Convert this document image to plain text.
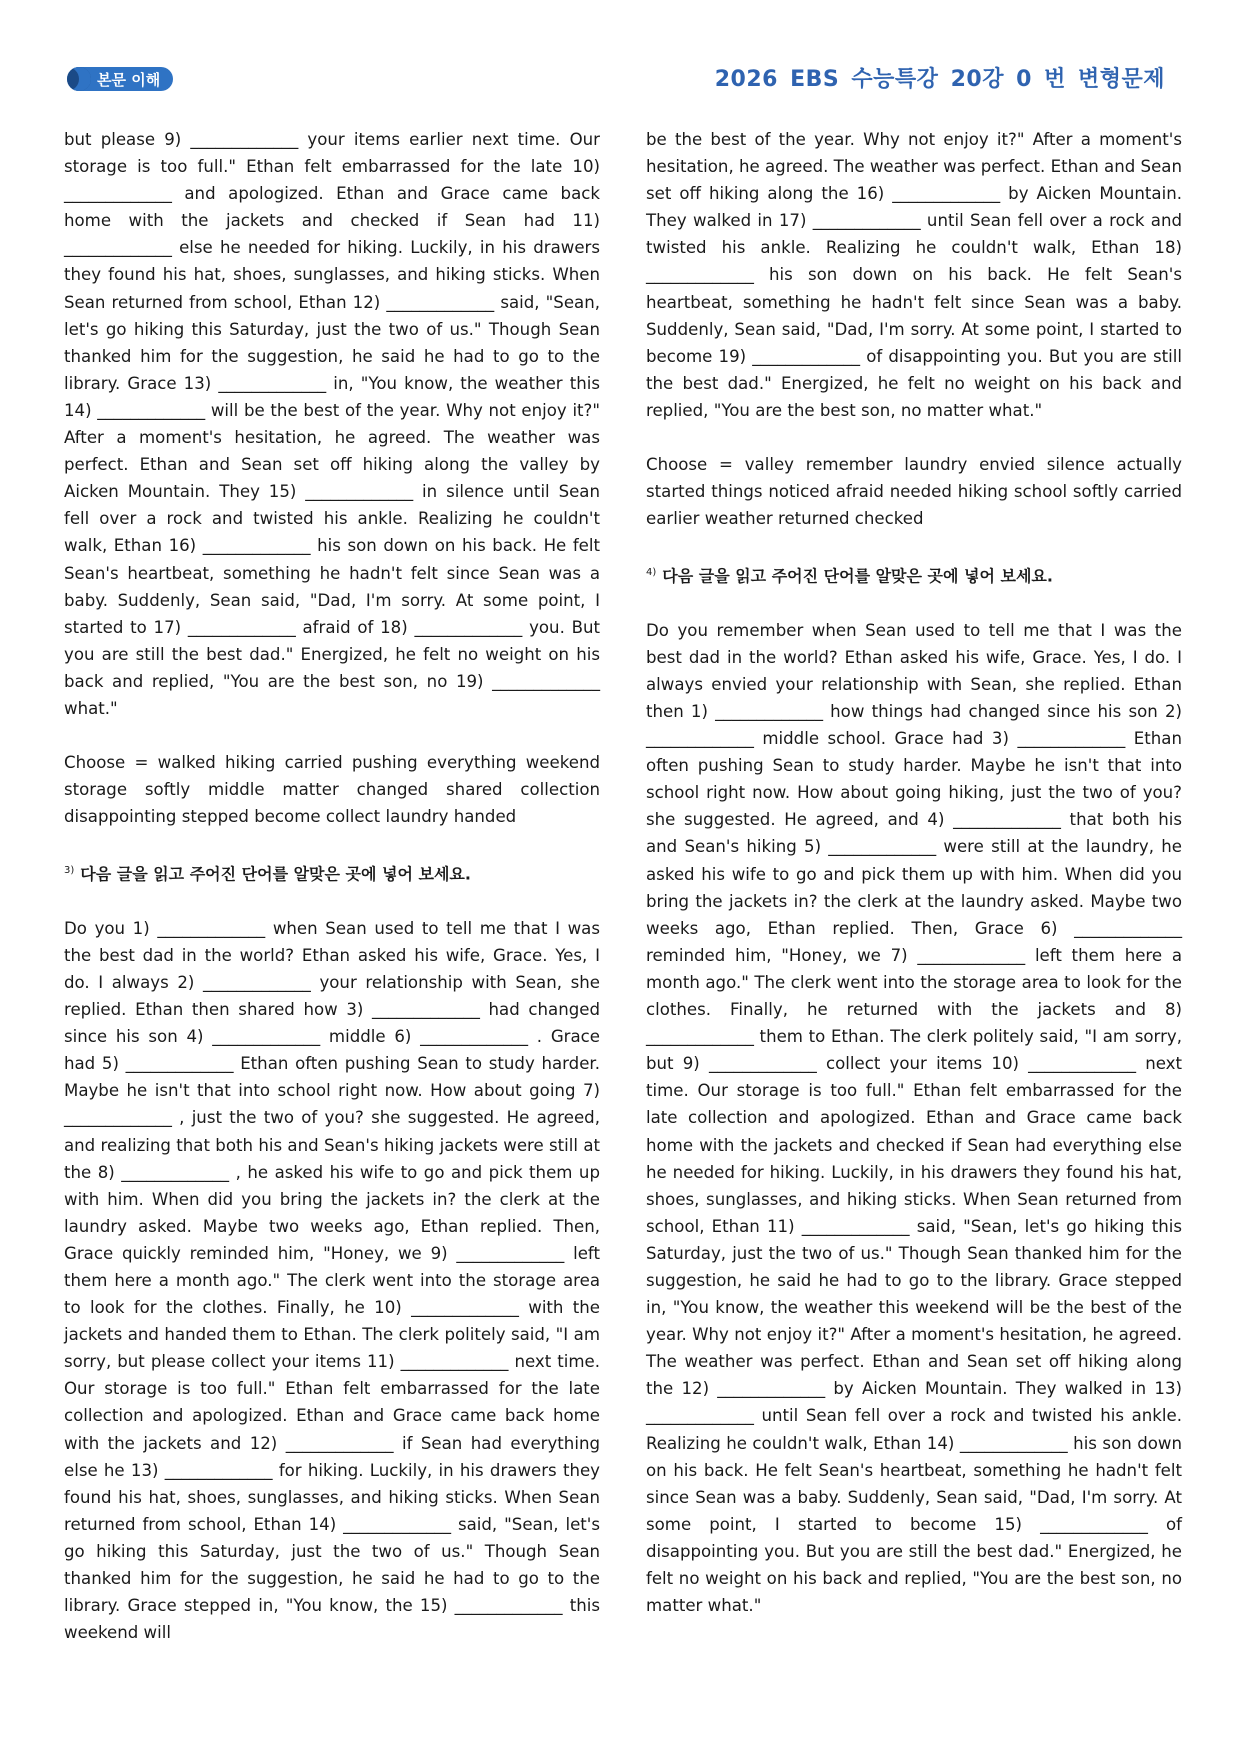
본문 이해	2026 EBS 수능특강 20강 0 번 변형문제

but please 9) _____________ your items earlier next time. Our storage is too full." Ethan felt embarrassed for the late 10) _____________ and apologized. Ethan and Grace came back home with the jackets and checked if Sean had 11) _____________ else he needed for hiking. Luckily, in his drawers they found his hat, shoes, sunglasses, and hiking sticks. When Sean returned from school, Ethan 12) _____________ said, "Sean, let's go hiking this Saturday, just the two of us." Though Sean thanked him for the suggestion, he said he had to go to the library. Grace 13) _____________ in, "You know, the weather this 14) _____________ will be the best of the year. Why not enjoy it?" After a moment's hesitation, he agreed. The weather was perfect. Ethan and Sean set off hiking along the valley by Aicken Mountain. They 15) _____________ in silence until Sean fell over a rock and twisted his ankle. Realizing he couldn't walk, Ethan 16) _____________ his son down on his back. He felt Sean's heartbeat, something he hadn't felt since Sean was a baby. Suddenly, Sean said, "Dad, I'm sorry. At some point, I started to 17) _____________ afraid of 18) _____________ you. But you are still the best dad." Energized, he felt no weight on his back and replied, "You are the best son, no 19) _____________ what."

Choose = walked hiking carried pushing everything weekend storage softly middle matter changed shared collection disappointing stepped become collect laundry handed

$^{3)}$ 다음 글을 읽고 주어진 단어를 알맞은 곳에 넣어 보세요.

Do you 1) _____________ when Sean used to tell me that I was the best dad in the world? Ethan asked his wife, Grace. Yes, I do. I always 2) _____________ your relationship with Sean, she replied. Ethan then shared how 3) _____________ had changed since his son 4) _____________ middle 6) _____________ . Grace had 5) _____________ Ethan often pushing Sean to study harder. Maybe he isn't that into school right now. How about going 7) _____________ , just the two of you? she suggested. He agreed, and realizing that both his and Sean's hiking jackets were still at the 8) _____________ , he asked his wife to go and pick them up with him. When did you bring the jackets in? the clerk at the laundry asked. Maybe two weeks ago, Ethan replied. Then, Grace quickly reminded him, "Honey, we 9) _____________ left them here a month ago." The clerk went into the storage area to look for the clothes. Finally, he 10) _____________ with the jackets and handed them to Ethan. The clerk politely said, "I am sorry, but please collect your items 11) _____________ next time. Our storage is too full." Ethan felt embarrassed for the late collection and apologized. Ethan and Grace came back home with the jackets and 12) _____________ if Sean had everything else he 13) _____________ for hiking. Luckily, in his drawers they found his hat, shoes, sunglasses, and hiking sticks. When Sean returned from school, Ethan 14) _____________ said, "Sean, let's go hiking this Saturday, just the two of us." Though Sean thanked him for the suggestion, he said he had to go to the library. Grace stepped in, "You know, the 15) _____________ this weekend will

be the best of the year. Why not enjoy it?" After a moment's hesitation, he agreed. The weather was perfect. Ethan and Sean set off hiking along the 16) _____________ by Aicken Mountain. They walked in 17) _____________ until Sean fell over a rock and twisted his ankle. Realizing he couldn't walk, Ethan 18) _____________ his son down on his back. He felt Sean's heartbeat, something he hadn't felt since Sean was a baby. Suddenly, Sean said, "Dad, I'm sorry. At some point, I started to become 19) _____________ of disappointing you. But you are still the best dad." Energized, he felt no weight on his back and replied, "You are the best son, no matter what."

Choose = valley remember laundry envied silence actually started things noticed afraid needed hiking school softly carried earlier weather returned checked

$^{4)}$ 다음 글을 읽고 주어진 단어를 알맞은 곳에 넣어 보세요.

Do you remember when Sean used to tell me that I was the best dad in the world? Ethan asked his wife, Grace. Yes, I do. I always envied your relationship with Sean, she replied. Ethan then 1) _____________ how things had changed since his son 2) _____________ middle school. Grace had 3) _____________ Ethan often pushing Sean to study harder. Maybe he isn't that into school right now. How about going hiking, just the two of you? she suggested. He agreed, and 4) _____________ that both his and Sean's hiking 5) _____________ were still at the laundry, he asked his wife to go and pick them up with him. When did you bring the jackets in? the clerk at the laundry asked. Maybe two weeks ago, Ethan replied. Then, Grace 6) _____________ reminded him, "Honey, we 7) _____________ left them here a month ago." The clerk went into the storage area to look for the clothes. Finally, he returned with the jackets and 8) _____________ them to Ethan. The clerk politely said, "I am sorry, but 9) _____________ collect your items 10) _____________ next time. Our storage is too full." Ethan felt embarrassed for the late collection and apologized. Ethan and Grace came back home with the jackets and checked if Sean had everything else he needed for hiking. Luckily, in his drawers they found his hat, shoes, sunglasses, and hiking sticks. When Sean returned from school, Ethan 11) _____________ said, "Sean, let's go hiking this Saturday, just the two of us." Though Sean thanked him for the suggestion, he said he had to go to the library. Grace stepped in, "You know, the weather this weekend will be the best of the year. Why not enjoy it?" After a moment's hesitation, he agreed. The weather was perfect. Ethan and Sean set off hiking along the 12) _____________ by Aicken Mountain. They walked in 13) _____________ until Sean fell over a rock and twisted his ankle. Realizing he couldn't walk, Ethan 14) _____________ his son down on his back. He felt Sean's heartbeat, something he hadn't felt since Sean was a baby. Suddenly, Sean said, "Dad, I'm sorry. At some point, I started to become 15) _____________ of disappointing you. But you are still the best dad." Energized, he felt no weight on his back and replied, "You are the best son, no matter what."
